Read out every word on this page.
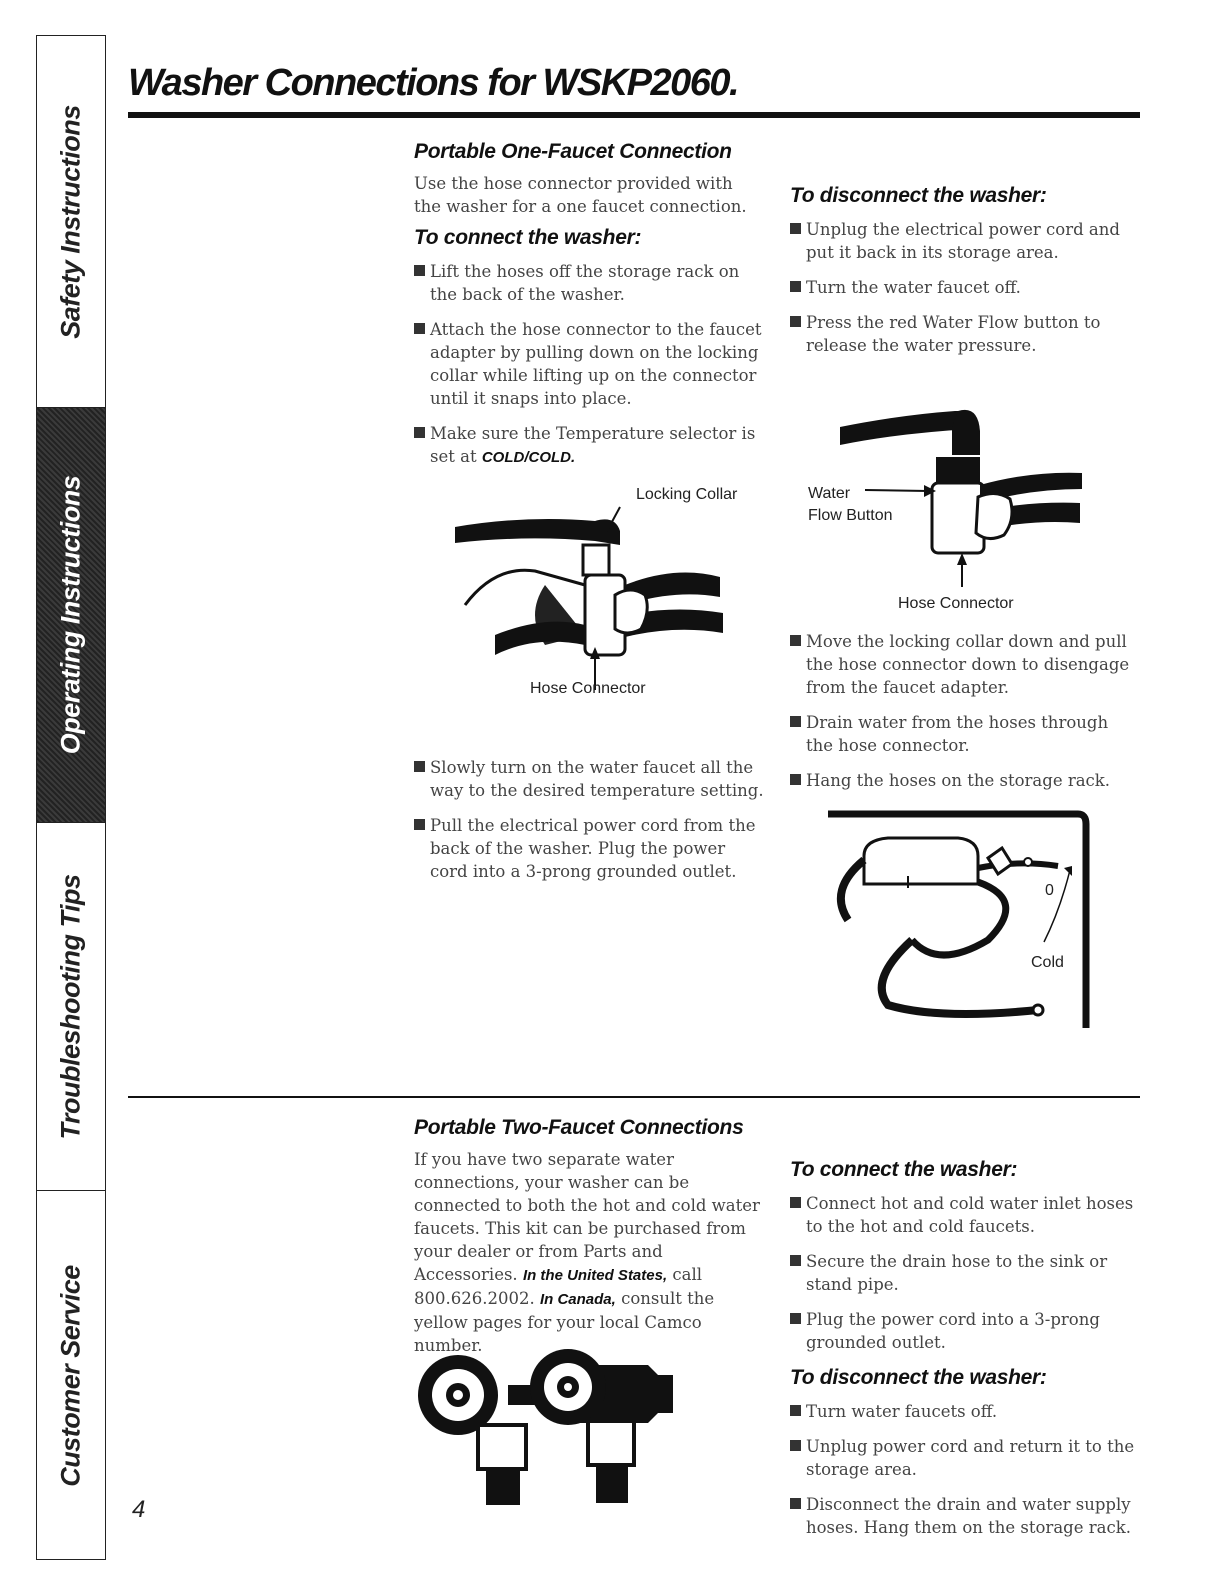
Safety Instructions
Operating Instructions
Troubleshooting Tips
Customer Service
Washer Connections for WSKP2060.
Portable One-Faucet Connection

Use the hose connector provided with the washer for a one faucet connection.

To connect the washer:

Lift the hoses off the storage rack on the back of the washer.

Attach the hose connector to the faucet adapter by pulling down on the locking collar while lifting up on the connector until it snaps into place.

Make sure the Temperature selector is set at COLD/COLD.

Locking Collar
Hose Connector

Slowly turn on the water faucet all the way to the desired temperature setting.

Pull the electrical power cord from the back of the washer. Plug the power cord into a 3-prong grounded outlet.

To disconnect the washer:

Unplug the electrical power cord and put it back in its storage area.

Turn the water faucet off.

Press the red Water Flow button to release the water pressure.

Water
Flow Button
Hose Connector

Move the locking collar down and pull the hose connector down to disengage from the faucet adapter.

Drain water from the hoses through the hose connector.

Hang the hoses on the storage rack.

0
Cold
Portable Two-Faucet Connections

If you have two separate water connections, your washer can be connected to both the hot and cold water faucets. This kit can be purchased from your dealer or from Parts and Accessories. In the United States, call 800.626.2002. In Canada, consult the yellow pages for your local Camco number.

To connect the washer:

Connect hot and cold water inlet hoses to the hot and cold faucets.

Secure the drain hose to the sink or stand pipe.

Plug the power cord into a 3-prong grounded outlet.

To disconnect the washer:

Turn water faucets off.

Unplug power cord and return it to the storage area.

Disconnect the drain and water supply hoses. Hang them on the storage rack.

4
